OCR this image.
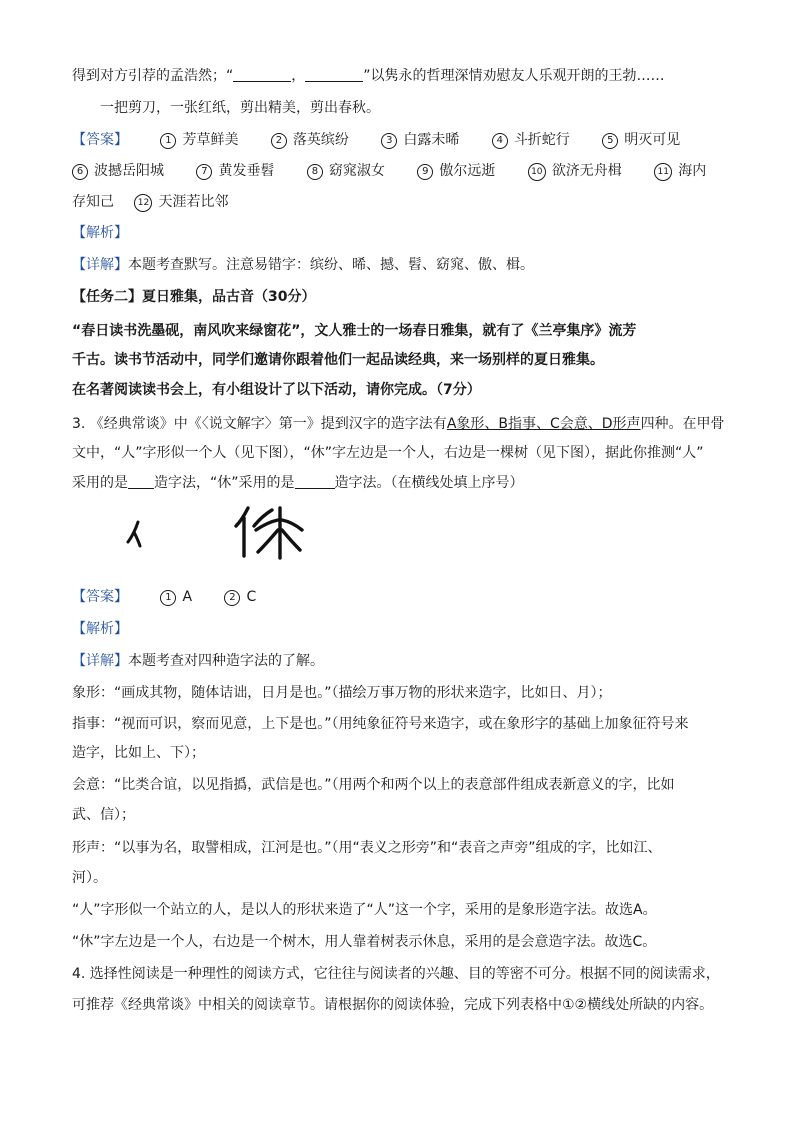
得到对方引荐的孟浩然；“	，	”以隽永的哲理深情劝慰友人乐观开朗的王勃……
一把剪刀，一张红纸，剪出精美，剪出春秋。
【答案】	1 芳草鲜美	2 落英缤纷	3 白露未晞	4 斗折蛇行	5 明灭可见
6 波撼岳阳城	7 黄发垂髫	8 窈窕淑女	9 傲尔远逝	10 欲济无舟楫	11 海内
存知己	12 天涯若比邻
【解析】
【详解】本题考查默写。注意易错字：缤纷、晞、撼、髫、窈窕、傲、楫。
【任务二】夏日雅集，品古音（30分）
“春日读书洗墨砚，南风吹来绿窗花”，文人雅士的一场春日雅集，就有了《兰亭集序》流芳
千古。读书节活动中，同学们邀请你跟着他们一起品读经典，来一场别样的夏日雅集。
在名著阅读读书会上，有小组设计了以下活动，请你完成。（7分）
3. 《经典常谈》中《〈说文解字〉第一》提到汉字的造字法有A象形、B指事、C会意、D形声四种。在甲骨
文中，“人”字形似一个人（见下图），“休”字左边是一个人，右边是一棵树（见下图），据此你推测“人”
采用的是 造字法，“休”采用的是	造字法。（在横线处填上序号）
【答案】	1 A	2 C
【解析】
【详解】本题考查对四种造字法的了解。
象形：“画成其物，随体诘诎，日月是也。”（描绘万事万物的形状来造字，比如日、月）；
指事：“视而可识，察而见意，上下是也。”（用纯象征符号来造字，或在象形字的基础上加象征符号来
造字，比如上、下）；
会意：“比类合谊，以见指撝，武信是也。”（用两个和两个以上的表意部件组成表新意义的字，比如
武、信）；
形声：“以事为名，取譬相成，江河是也。”（用“表义之形旁”和“表音之声旁”组成的字，比如江、
河）。
“人”字形似一个站立的人，是以人的形状来造了“人”这一个字，采用的是象形造字法。故选A。
“休”字左边是一个人，右边是一个树木，用人靠着树表示休息，采用的是会意造字法。故选C。
4. 选择性阅读是一种理性的阅读方式，它往往与阅读者的兴趣、目的等密不可分。根据不同的阅读需求，
可推荐《经典常谈》中相关的阅读章节。请根据你的阅读体验，完成下列表格中①②横线处所缺的内容。
